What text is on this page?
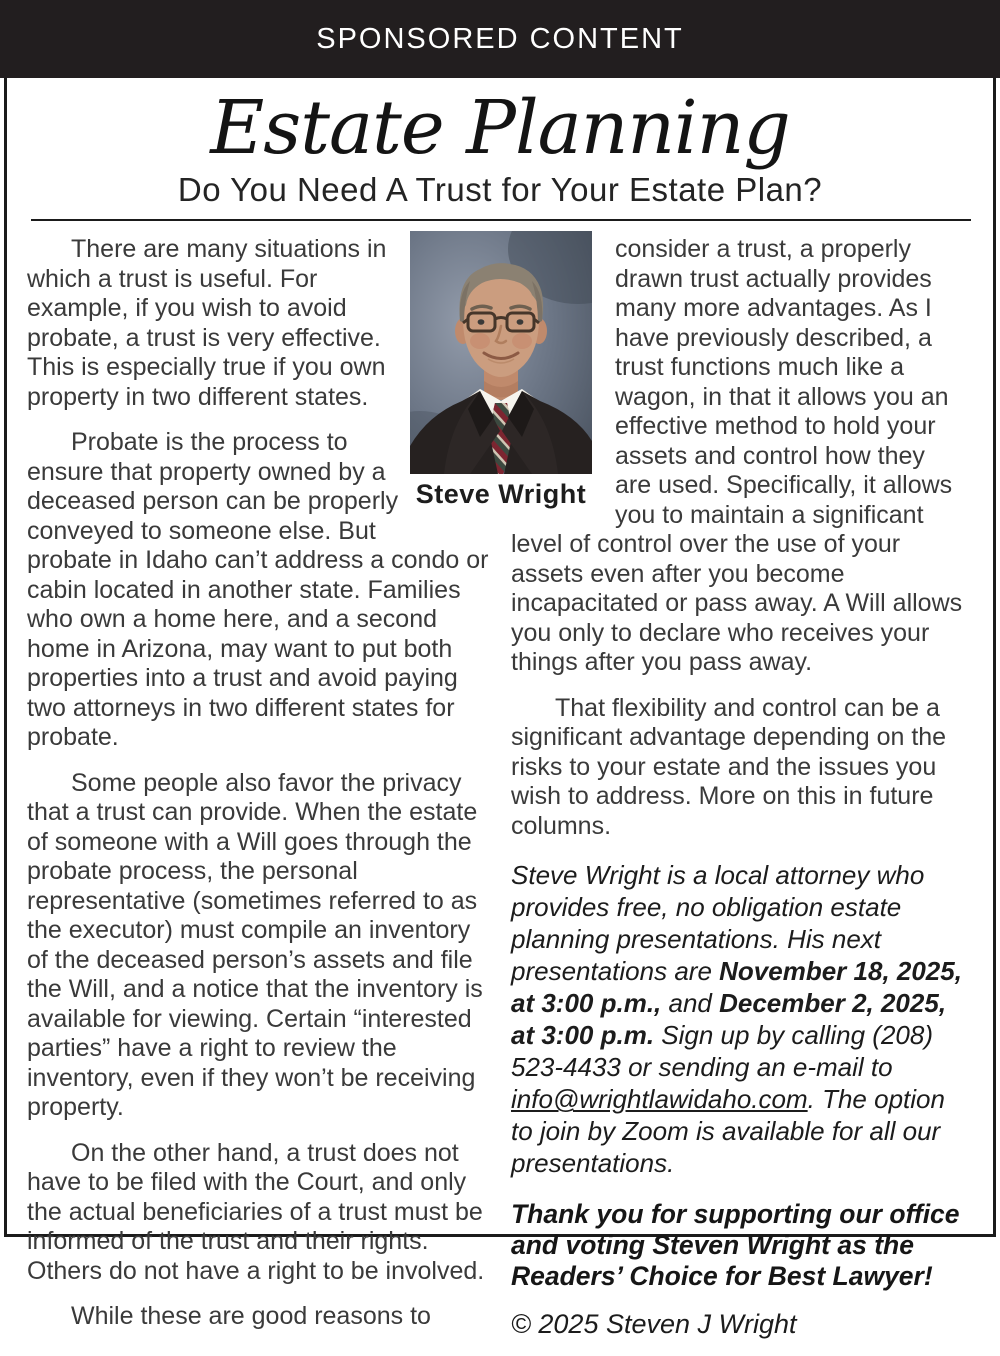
SPONSORED CONTENT
Estate Planning
Do You Need A Trust for Your Estate Plan?

There are many situations in which a trust is useful. For example, if you wish to avoid probate, a trust is very effective. This is especially true if you own property in two different states.

Probate is the process to ensure that property owned by a deceased person can be properly conveyed to someone else. But probate in Idaho can’t address a condo or cabin located in another state. Families who own a home here, and a second home in Arizona, may want to put both properties into a trust and avoid paying two attorneys in two different states for probate.

Some people also favor the privacy that a trust can provide. When the estate of someone with a Will goes through the probate process, the personal representative (sometimes referred to as the executor) must compile an inventory of the deceased person’s assets and file the Will, and a notice that the inventory is available for viewing. Certain “interested parties” have a right to review the inventory, even if they won’t be receiving property.

On the other hand, a trust does not have to be filed with the Court, and only the actual beneficiaries of a trust must be informed of the trust and their rights. Others do not have a right to be involved.

While these are good reasons to

consider a trust, a properly drawn trust actually provides many more advantages. As I have previously described, a trust functions much like a wagon, in that it allows you an effective method to hold your assets and control how they are used. Specifically, it allows you to maintain a significant level of control over the use of your assets even after you become incapacitated or pass away. A Will allows you only to declare who receives your things after you pass away.

That flexibility and control can be a significant advantage depending on the risks to your estate and the issues you wish to address. More on this in future columns.

Steve Wright is a local attorney who provides free, no obligation estate planning presentations. His next presentations are November 18, 2025, at 3:00 p.m., and December 2, 2025, at 3:00 p.m. Sign up by calling (208) 523-4433 or sending an e-mail to info@wrightlawidaho.com. The option to join by Zoom is available for all our presentations.

Thank you for supporting our office and voting Steven Wright as the Readers’ Choice for Best Lawyer!

© 2025 Steven J Wright

Steve Wright
